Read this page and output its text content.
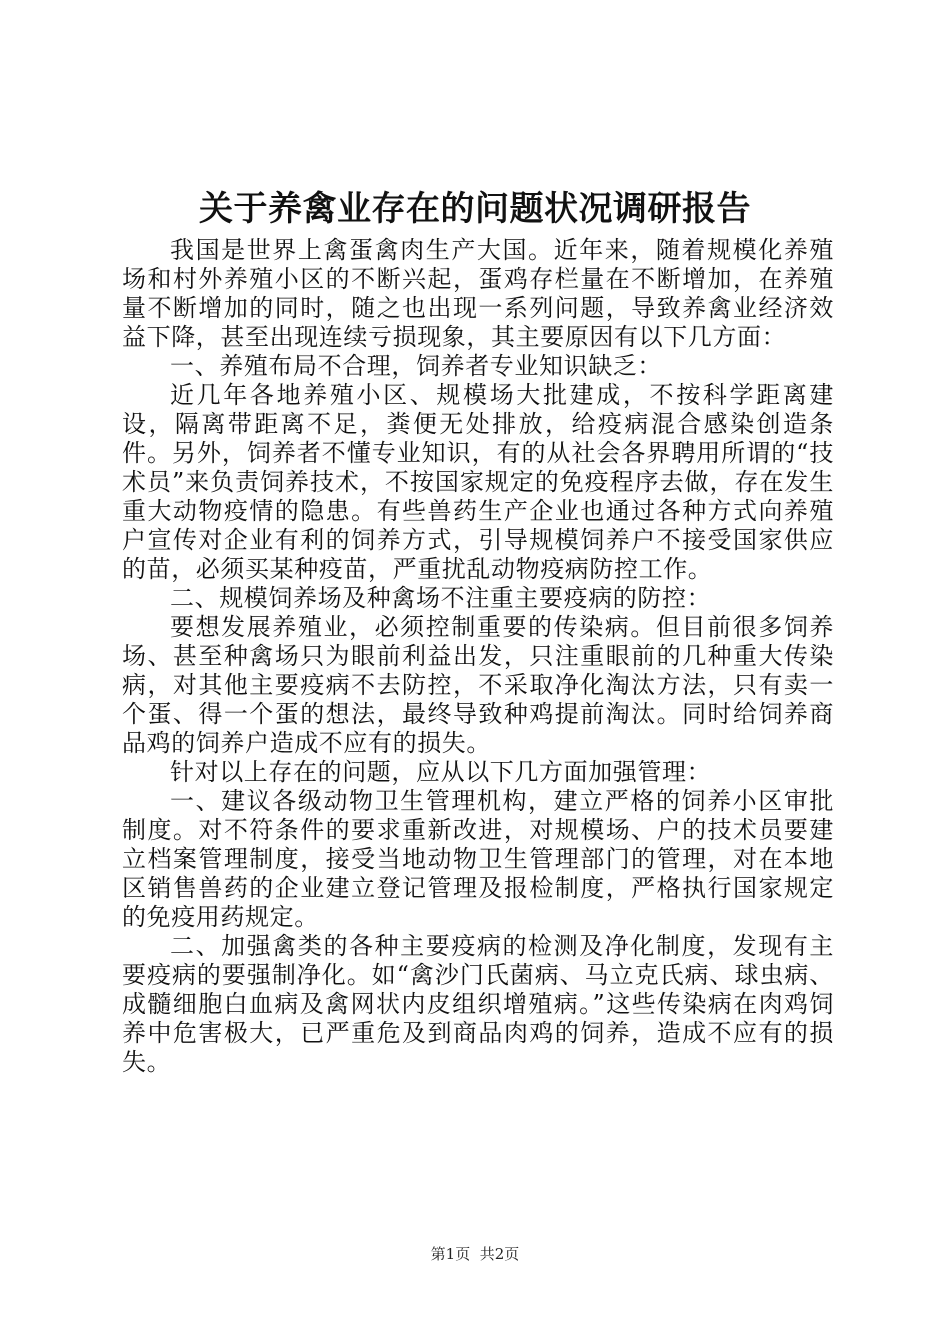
关于养禽业存在的问题状况调研报告

我国是世界上禽蛋禽肉生产大国。近年来，随着规模化养殖场和村外养殖小区的不断兴起，蛋鸡存栏量在不断增加，在养殖量不断增加的同时，随之也出现一系列问题，导致养禽业经济效益下降，甚至出现连续亏损现象，其主要原因有以下几方面：

一、养殖布局不合理，饲养者专业知识缺乏：

近几年各地养殖小区、规模场大批建成，不按科学距离建设，隔离带距离不足，粪便无处排放，给疫病混合感染创造条件。另外，饲养者不懂专业知识，有的从社会各界聘用所谓的“技术员”来负责饲养技术，不按国家规定的免疫程序去做，存在发生重大动物疫情的隐患。有些兽药生产企业也通过各种方式向养殖户宣传对企业有利的饲养方式，引导规模饲养户不接受国家供应的苗，必须买某种疫苗，严重扰乱动物疫病防控工作。

二、规模饲养场及种禽场不注重主要疫病的防控：

要想发展养殖业，必须控制重要的传染病。但目前很多饲养场、甚至种禽场只为眼前利益出发，只注重眼前的几种重大传染病，对其他主要疫病不去防控，不采取净化淘汰方法，只有卖一个蛋、得一个蛋的想法，最终导致种鸡提前淘汰。同时给饲养商品鸡的饲养户造成不应有的损失。

针对以上存在的问题，应从以下几方面加强管理：

一、建议各级动物卫生管理机构，建立严格的饲养小区审批制度。对不符条件的要求重新改进，对规模场、户的技术员要建立档案管理制度，接受当地动物卫生管理部门的管理，对在本地区销售兽药的企业建立登记管理及报检制度，严格执行国家规定的免疫用药规定。

二、加强禽类的各种主要疫病的检测及净化制度，发现有主要疫病的要强制净化。如“禽沙门氏菌病、马立克氏病、球虫病、成髓细胞白血病及禽网状内皮组织增殖病。”这些传染病在肉鸡饲养中危害极大，已严重危及到商品肉鸡的饲养，造成不应有的损失。

第1页 共2页
